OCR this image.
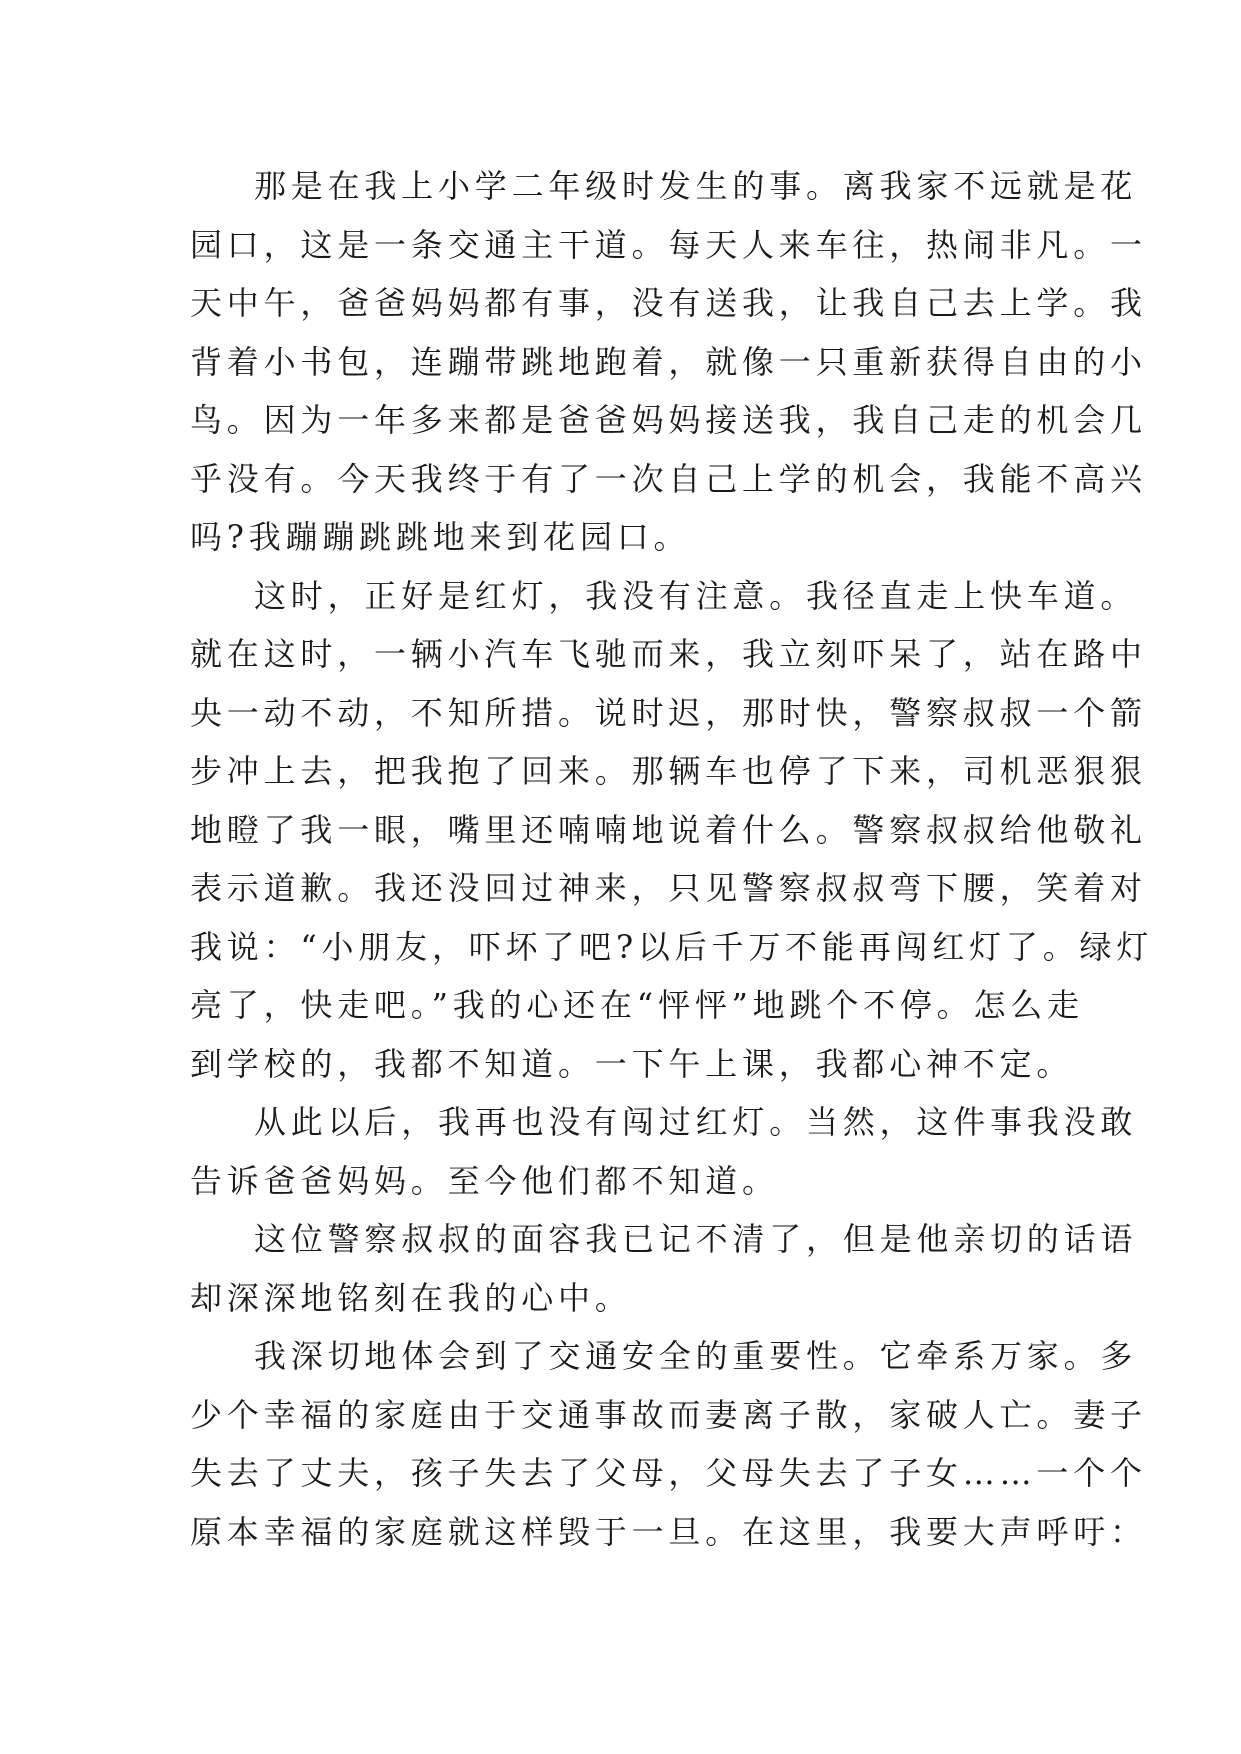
那是在我上小学二年级时发生的事。离我家不远就是花
园口，这是一条交通主干道。每天人来车往，热闹非凡。一
天中午，爸爸妈妈都有事，没有送我，让我自己去上学。我
背着小书包，连蹦带跳地跑着，就像一只重新获得自由的小
鸟。因为一年多来都是爸爸妈妈接送我，我自己走的机会几
乎没有。今天我终于有了一次自己上学的机会，我能不高兴
吗?我蹦蹦跳跳地来到花园口。
这时，正好是红灯，我没有注意。我径直走上快车道。
就在这时，一辆小汽车飞驰而来，我立刻吓呆了，站在路中
央一动不动，不知所措。说时迟，那时快，警察叔叔一个箭
步冲上去，把我抱了回来。那辆车也停了下来，司机恶狠狠
地瞪了我一眼，嘴里还喃喃地说着什么。警察叔叔给他敬礼
表示道歉。我还没回过神来，只见警察叔叔弯下腰，笑着对
我说：“小朋友，吓坏了吧?以后千万不能再闯红灯了。绿灯
亮了，快走吧。”我的心还在“怦怦”地跳个不停。怎么走
到学校的，我都不知道。一下午上课，我都心神不定。
从此以后，我再也没有闯过红灯。当然，这件事我没敢
告诉爸爸妈妈。至今他们都不知道。
这位警察叔叔的面容我已记不清了，但是他亲切的话语
却深深地铭刻在我的心中。
我深切地体会到了交通安全的重要性。它牵系万家。多
少个幸福的家庭由于交通事故而妻离子散，家破人亡。妻子
失去了丈夫，孩子失去了父母，父母失去了子女……一个个
原本幸福的家庭就这样毁于一旦。在这里，我要大声呼吁：
